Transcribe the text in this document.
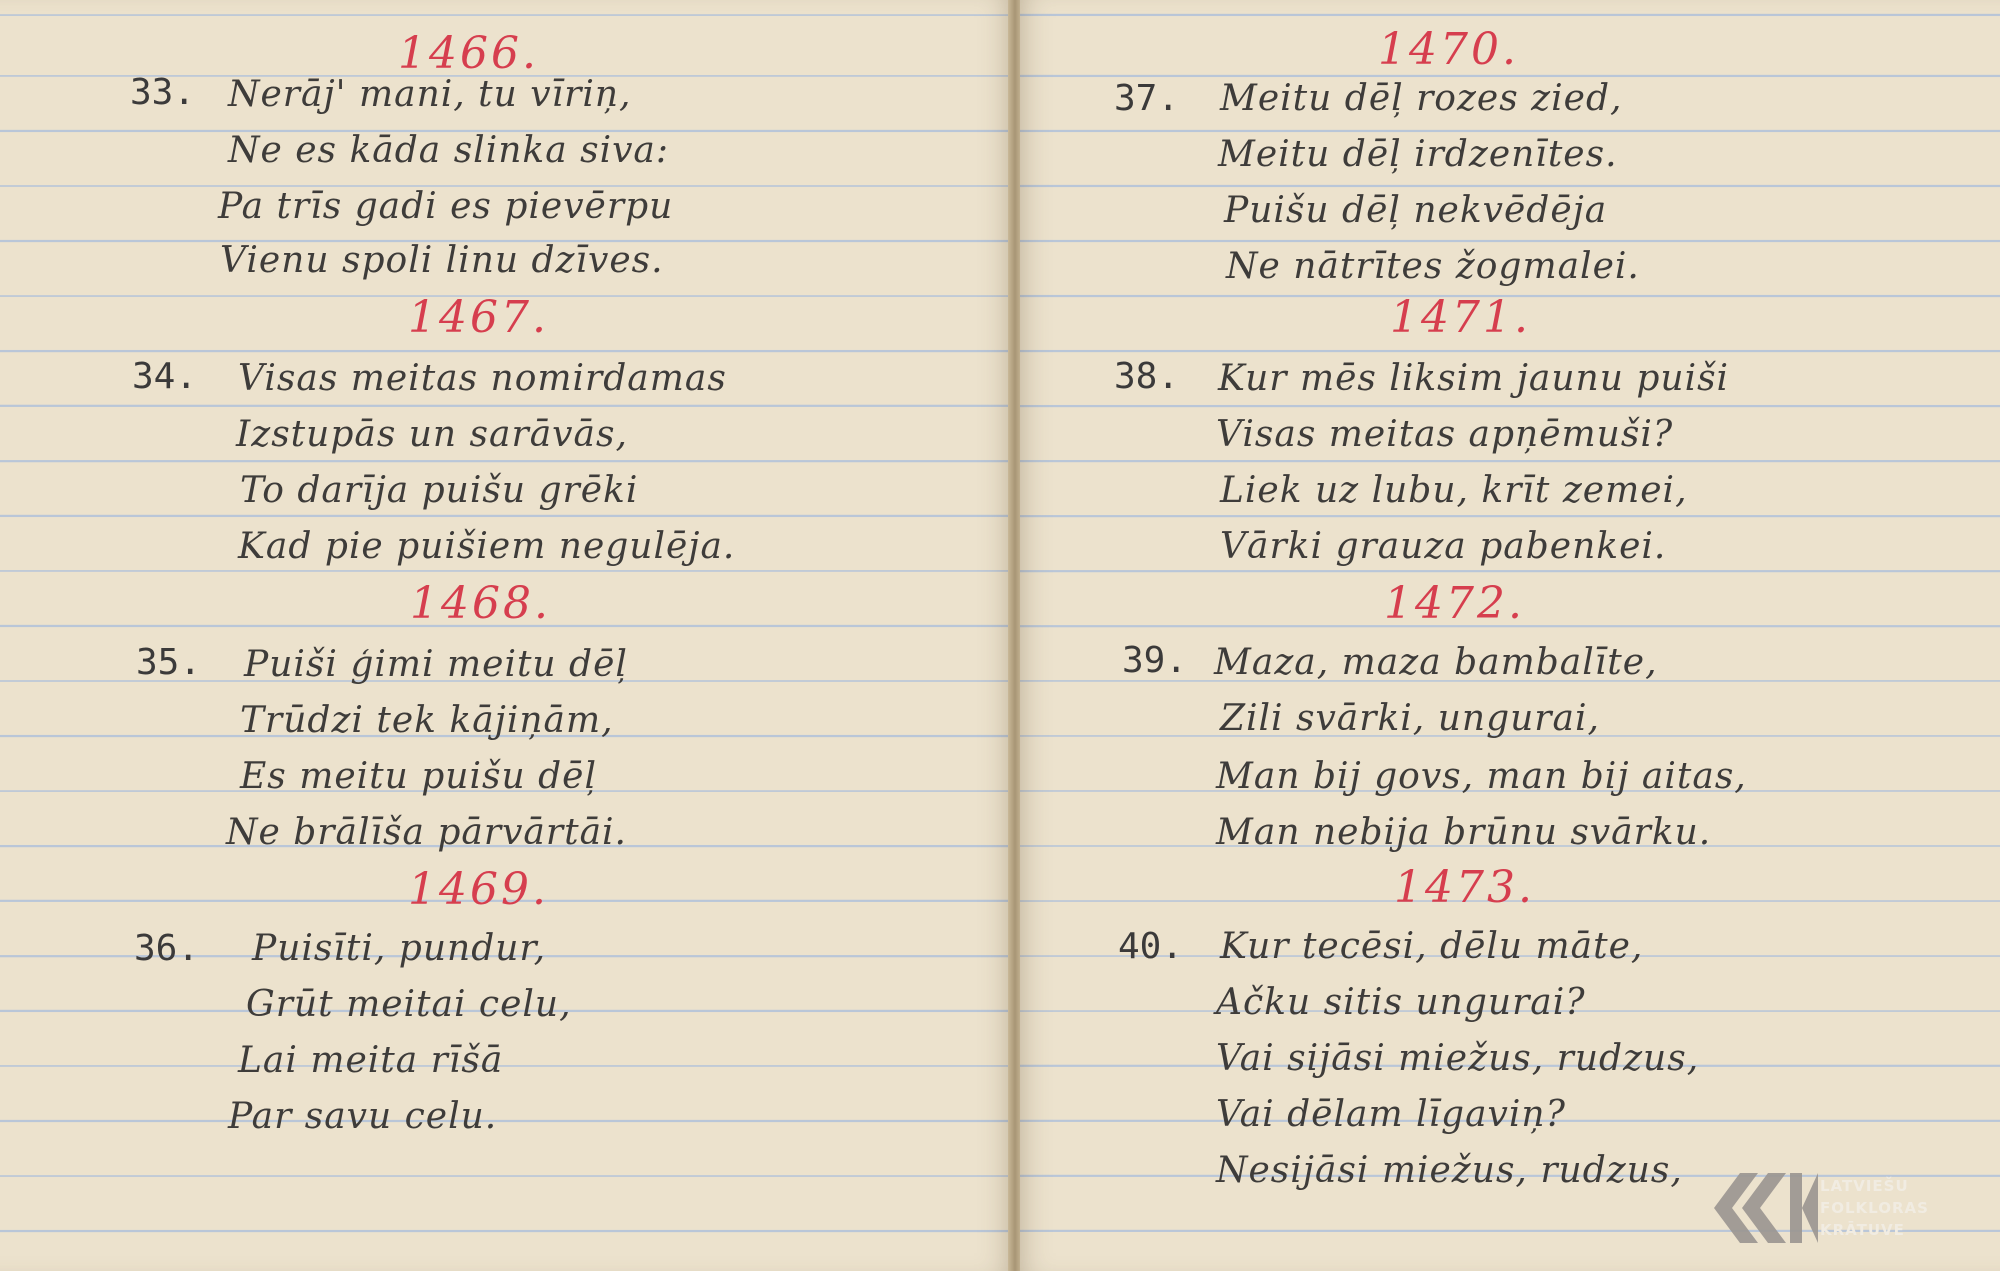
1466.
33. Nerāj' mani, tu vīriņ,
Ne es kāda slinka siva:
Pa trīs gadi es pievērpu
Vienu spoli linu dzīves.
1467.
34. Visas meitas nomirdamas
Izstupās un sarāvās,
To darīja puišu grēki
Kad pie puišiem negulēja.
1468.
35. Puiši ģimi meitu dēļ
Trūdzi tek kājiņām,
Es meitu puišu dēļ
Ne brālīša pārvārtāi.
1469.
36. Puisīti, pundur,
Grūt meitai celu,
Lai meita rīšā
Par savu celu.
1470.
37. Meitu dēļ rozes zied,
Meitu dēļ irdzenītes.
Puišu dēļ nekvēdēja
Ne nātrītes žogmalei.
1471.
38. Kur mēs liksim jaunu puiši
Visas meitas apņēmuši?
Liek uz lubu, krīt zemei,
Vārki grauza pabenkei.
1472.
39. Maza, maza bambalīte,
Zili svārki, ungurai,
Man bij govs, man bij aitas,
Man nebija brūnu svārku.
1473.
40. Kur tecēsi, dēlu māte,
Ačku sitis ungurai?
Vai sijāsi miežus, rudzus,
Vai dēlam līgaviņ?
Nesijāsi miežus, rudzus,	LATVIEŠU
FOLKLORAS
KRĀTUVE
